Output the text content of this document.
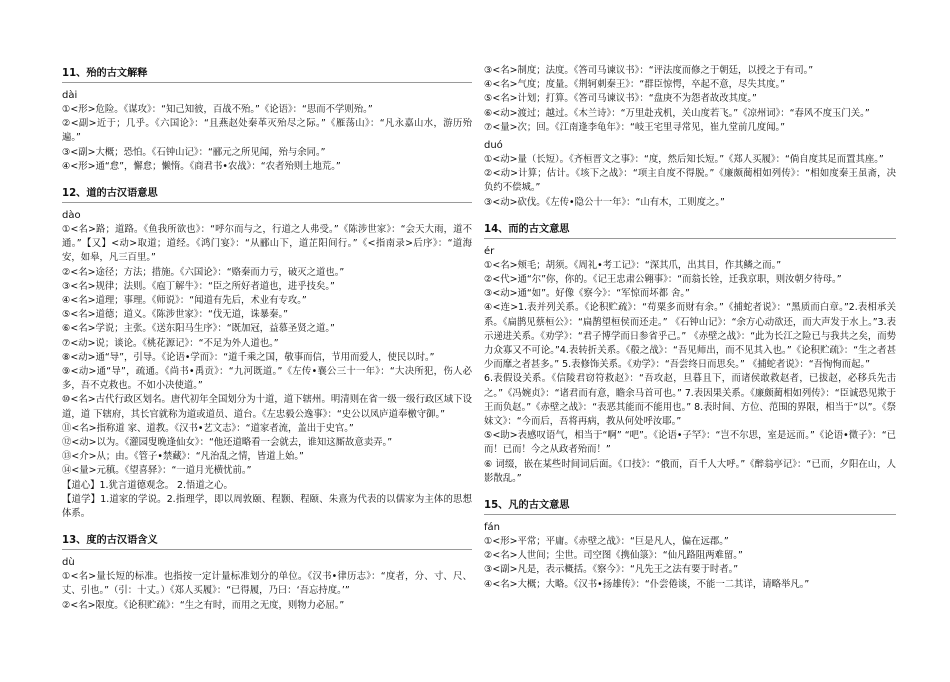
11、殆的古文解释
dài

①<形>危险。《谋攻》：“知己知彼，百战不殆。”《论语》：“思而不学则殆。”

②<副>近于；几乎。《六国论》：“且燕赵处秦革灭殆尽之际。”《雁荡山》：“凡永嘉山水，游历殆遍。”

③<副>大概；恐怕。《石钟山记》：“郦元之所见闻，殆与余同。”

④<形>通“怠”，懈怠；懒惰。《商君书•农战》：“农者殆则土地荒。”

12、道的古汉语意思
dào

①<名>路；道路。《鱼我所欲也》：“呼尔而与之，行道之人弗受。”《陈涉世家》：“会天大雨，道不通。”【又】<动>取道；道经。《鸿门宴》：“从郦山下，道芷阳间行。”《<指南录>后序》：“道海安，如皋，凡三百里。”

②<名>途径；方法；措施。《六国论》：“赂秦而力亏，破灭之道也。”

③<名>规律；法则。《庖丁解牛》：“臣之所好者道也，进乎技矣。”

④<名>道理；事理。《师说》：“闻道有先后，术业有专攻。”

⑤<名>道德；道义。《陈涉世家》：“伐无道，诛暴秦。”

⑥<名>学说；主张。《送东阳马生序》：“既加冠，益慕圣贤之道。”

⑦<动>说；谈论。《桃花源记》：“不足为外人道也。”

⑧<动>通“导”，引导。《论语•学而》：“道千乘之国，敬事而信，节用而爱人，使民以时。”

⑨<动>通“导”，疏通。《尚书•禹贡》：“九河既道。”《左传•襄公三十一年》：“大决所犯，伤人必多，吾不克救也。不如小决使道。”

⑩<名>古代行政区划名。唐代初年全国划分为十道，道下辖州。明清则在省一级一级行政区域下设道，道 下辖府，其长官就称为道或道员、道台。《左忠毅公逸事》：“史公以凤庐道奉檄守御。”

⑪<名>指称道 家、道教。《汉书•艺文志》：“道家者流，盖出于史官。”

⑫<动>以为。《灌园叟晚逢仙女》：“他还道略看一会就去，谁知这厮故意卖弄。”

⑬<介>从；由。《管子•禁藏》：“凡治乱之情，皆道上始。”

⑭<量>元稹。《望喜驿》：“一道月光横忧前。”

【道心】1.犹言道德观念。 2.悟道之心。

【道学】1.道家的学说。2.指理学，即以周敦颐、程颢、程颐、朱熹为代表的以儒家为主体的思想体系。

13、度的古汉语含义
dù

①<名>量长短的标准。也指按一定计量标准划分的单位。《汉书•律历志》：“度者，分、寸、尺、丈、引也。”（引：十丈。）《郑人买履》：“已得履，乃曰：‘吾忘持度。’”

②<名>限度。《论积贮疏》：“生之有时，而用之无度，则物力必屈。”

③<名>制度；法度。《答司马谏议书》：“评法度而修之于朝廷，以授之于有司。”

④<名>气度；度量。《荆轲刺秦王》：“群臣惊愕，卒起不意，尽失其度。”

⑤<名>计划；打算。《答司马谏议书》：“盘庚不为怨者故改其度。”

⑥<动>渡过；越过。《木兰诗》：“万里赴戎机，关山度若飞。”《凉州词》：“春风不度玉门关。”

⑦<量>次；回。《江南逢李龟年》：“岐王宅里寻常见，崔九堂前几度闻。”

duó

①<动>量（长短）。《齐桓晋文之事》：“度，然后知长短。”《郑人买履》：“倘自度其足而置其座。”

②<动>计算；估计。《垓下之战》：“项主自度不得脱。”《廉颇蔺相如列传》：“相如度秦王虽斋，决负约不偿城。”

③<动>砍伐。《左传•隐公十一年》：“山有木，工则度之。”

14、而的古文意思
ér

①<名>颊毛；胡须。《周礼•考工记》：“深其爪，出其目，作其鳞之而。”

②<代>通“尔”你，你的。《记王忠肃公翱事》：“而翁长铨，迁我京职，则汝朝夕待母。”

③<动>通“如”。好像《察今》：“军惊而坏都 舍。”

④<连>1.表并列关系。《论积贮疏》：“苟粟多而财有余。”《捕蛇者说》：“黑质而白章。”2.表相承关系。《扁鹊见蔡桓公》：“扁鹊望桓侯而还走。” 《石钟山记》：“余方心动欲还，而大声发于水上。”3.表示递进关系。《劝学》：“君子博学而日参省乎己。” 《赤壁之战》：“此为长江之险已与我共之矣，而势力众寡又不可论。”4.表转折关系。《殽之战》：“吾见师出，而不见其入也。”《论积贮疏》：“生之者甚少而靡之者甚多。” 5.表修饰关系。《劝学》：“吾尝终日而思矣。” 《捕蛇者说》：“吾恂恂而起。”

6.表假设关系。《信陵君窃符救赵》：“吾攻赵，旦暮且下，而诸侯敢救赵者，已拔赵，必移兵先击之。”《冯婉贞》：“诸君而有意，瞻余马首可也。” 7.表因果关系。《廉颇蔺相如列传》：“臣诚恐见欺于王而负赵。”《赤壁之战》：“表恶其能而不能用也。” 8.表时间、方位、范围的界限，相当于“以”。《祭妹文》：“今而后，吾将再病，教从何处呼汝耶。”

⑤<助>表感叹语气，相当于“啊” “吧”。《论语•子罕》：“岂不尔思，室是远而。”《论语•微子》：“已而！已而！今之从政者殆而！”

⑥ 词缀，嵌在某些时间词后面。《口技》：“俄而，百千人大呼。”《醉翁亭记》：“已而，夕阳在山，人影散乱。”

15、凡的古文意思
fán

①<形>平常；平庸。《赤壁之战》：“巨是凡人，偏在远郡。”

②<名>人世间；尘世。司空图《携仙箓》：“仙凡路阻两难留。”

③<副>凡是，表示概括。《察今》：“凡先王之法有要于时者。”

④<名>大概；大略。《汉书•扬雄传》：“仆尝倦谈，不能一二其详，请略举凡。”
